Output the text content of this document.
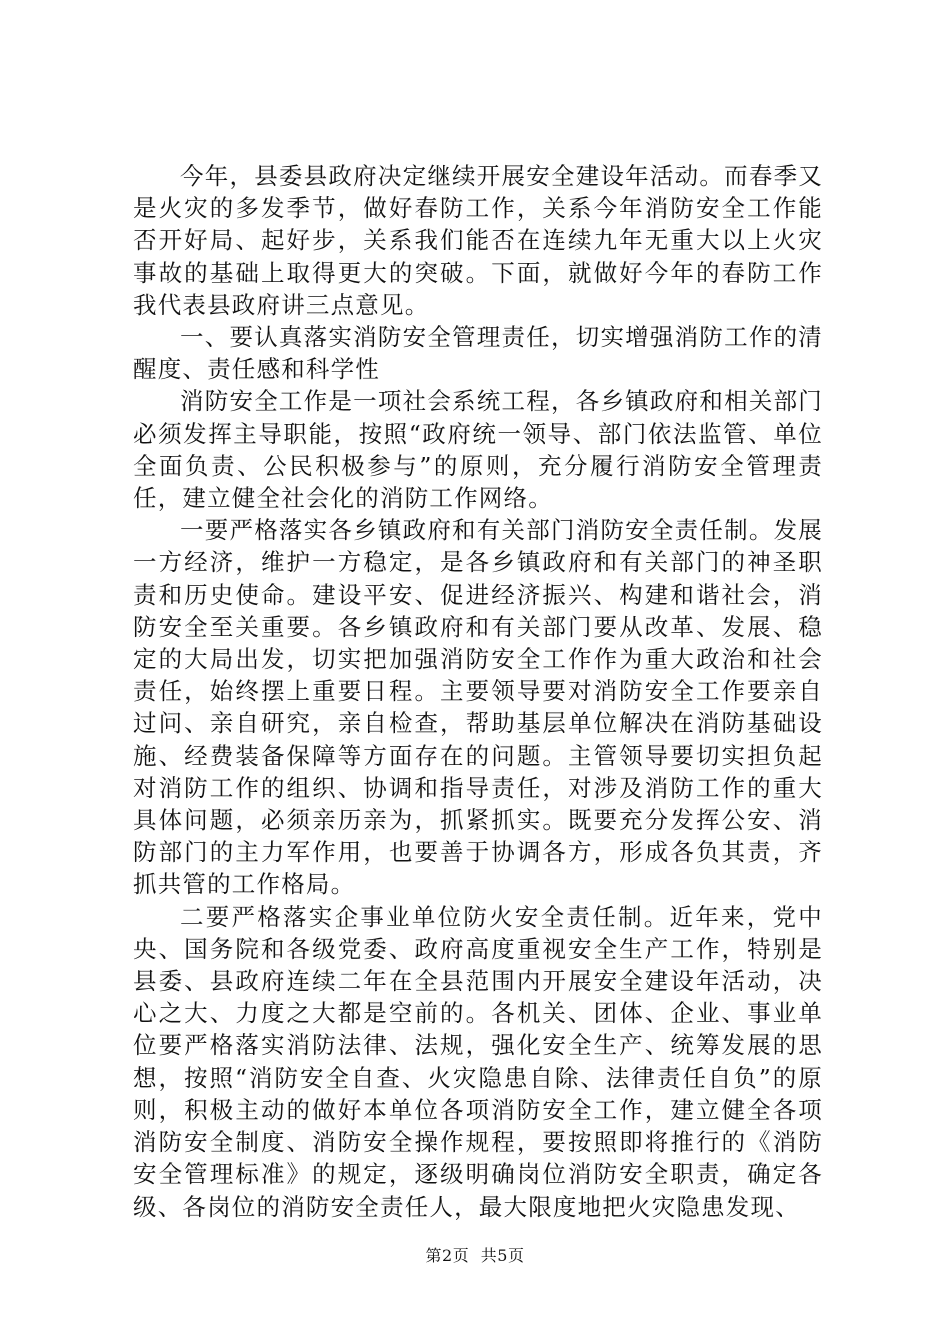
今年，县委县政府决定继续开展安全建设年活动。而春季又是火灾的多发季节，做好春防工作，关系今年消防安全工作能否开好局、起好步，关系我们能否在连续九年无重大以上火灾事故的基础上取得更大的突破。下面，就做好今年的春防工作我代表县政府讲三点意见。

一、要认真落实消防安全管理责任，切实增强消防工作的清醒度、责任感和科学性

消防安全工作是一项社会系统工程，各乡镇政府和相关部门必须发挥主导职能，按照“政府统一领导、部门依法监管、单位全面负责、公民积极参与”的原则，充分履行消防安全管理责任，建立健全社会化的消防工作网络。

一要严格落实各乡镇政府和有关部门消防安全责任制。发展一方经济，维护一方稳定，是各乡镇政府和有关部门的神圣职责和历史使命。建设平安、促进经济振兴、构建和谐社会，消防安全至关重要。各乡镇政府和有关部门要从改革、发展、稳定的大局出发，切实把加强消防安全工作作为重大政治和社会责任，始终摆上重要日程。主要领导要对消防安全工作要亲自过问、亲自研究，亲自检查，帮助基层单位解决在消防基础设施、经费装备保障等方面存在的问题。主管领导要切实担负起对消防工作的组织、协调和指导责任，对涉及消防工作的重大具体问题，必须亲历亲为，抓紧抓实。既要充分发挥公安、消防部门的主力军作用，也要善于协调各方，形成各负其责，齐抓共管的工作格局。

二要严格落实企事业单位防火安全责任制。近年来，党中央、国务院和各级党委、政府高度重视安全生产工作，特别是县委、县政府连续二年在全县范围内开展安全建设年活动，决心之大、力度之大都是空前的。各机关、团体、企业、事业单位要严格落实消防法律、法规，强化安全生产、统筹发展的思想，按照“消防安全自查、火灾隐患自除、法律责任自负”的原则，积极主动的做好本单位各项消防安全工作，建立健全各项消防安全制度、消防安全操作规程，要按照即将推行的《消防安全管理标准》的规定，逐级明确岗位消防安全职责，确定各级、各岗位的消防安全责任人，最大限度地把火灾隐患发现、

第2页 共5页
